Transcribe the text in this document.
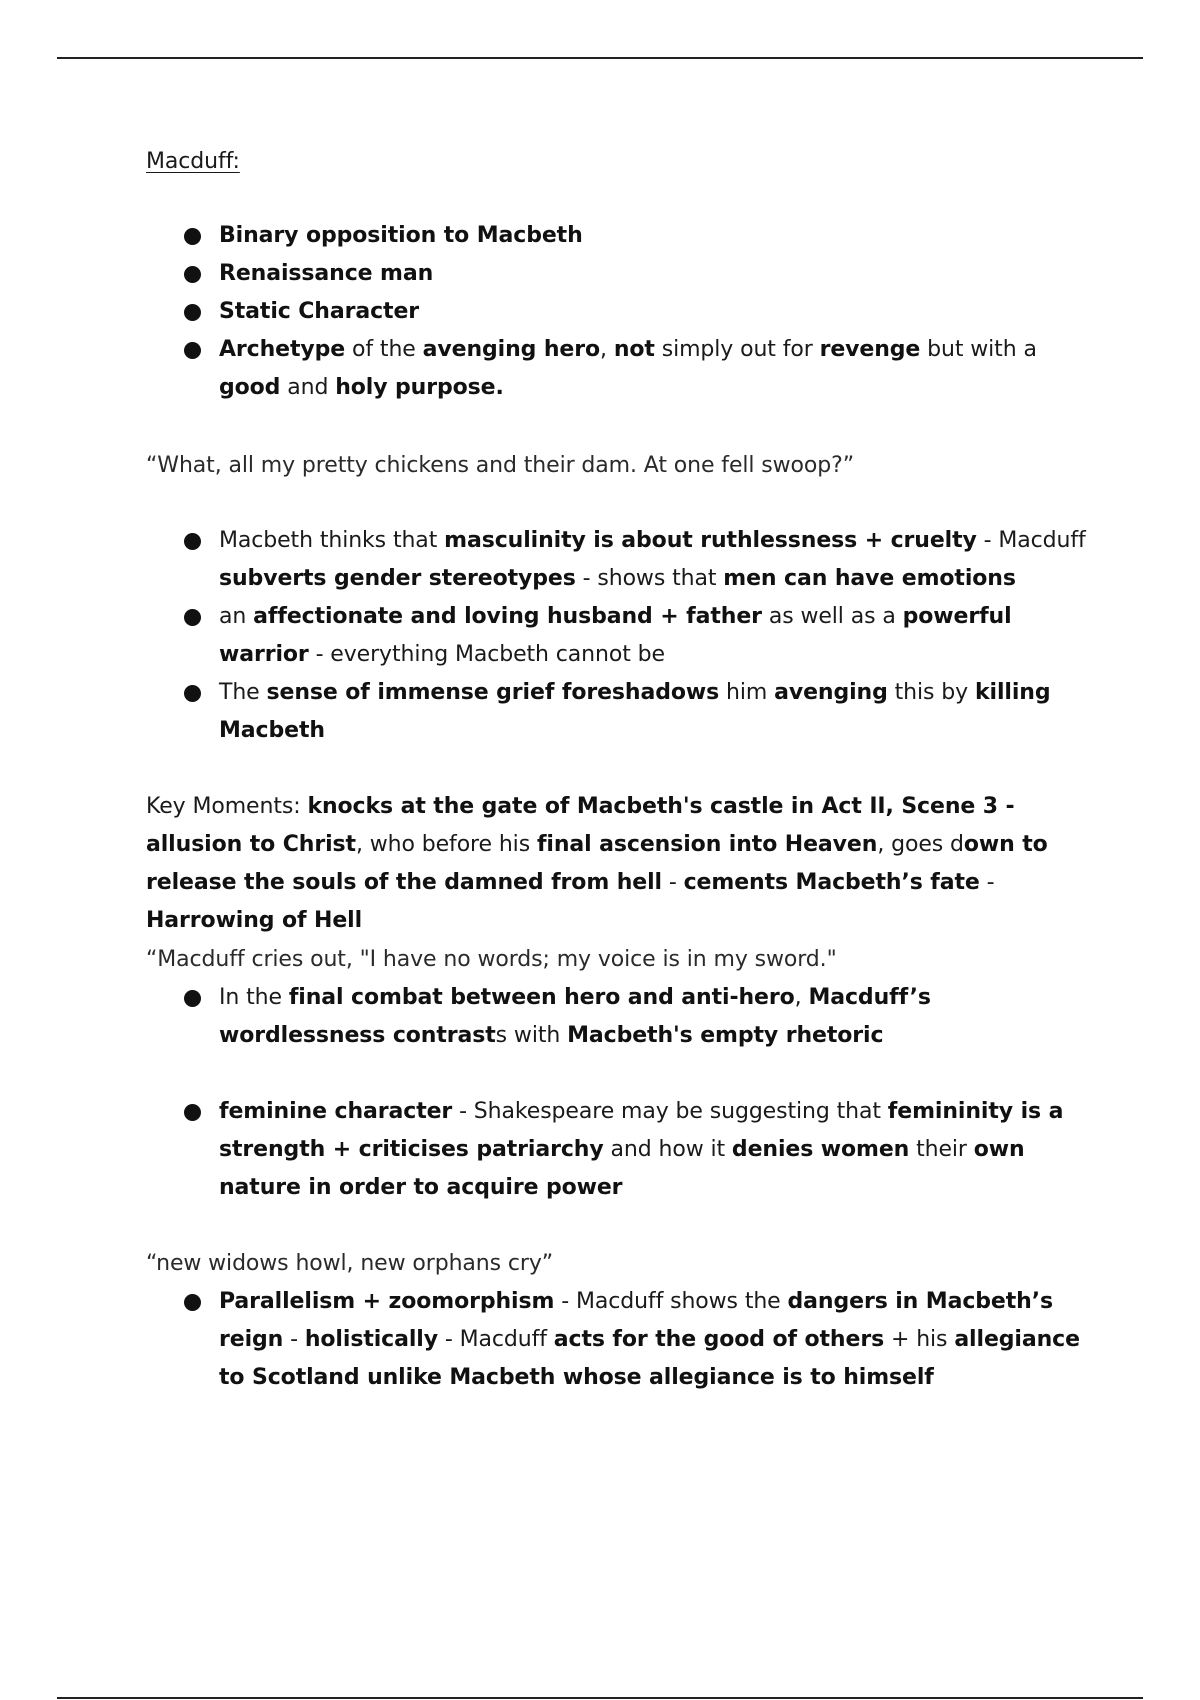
Macduff:
Binary opposition to Macbeth
Renaissance man
Static Character
Archetype of the avenging hero, not simply out for revenge but with a good and holy purpose.

“What, all my pretty chickens and their dam. At one fell swoop?”

Macbeth thinks that masculinity is about ruthlessness + cruelty - Macduff subverts gender stereotypes - shows that men can have emotions
an affectionate and loving husband + father as well as a powerful warrior - everything Macbeth cannot be
The sense of immense grief foreshadows him avenging this by killing Macbeth

Key Moments: knocks at the gate of Macbeth's castle in Act II, Scene 3 - allusion to Christ, who before his final ascension into Heaven, goes down to release the souls of the damned from hell - cements Macbeth’s fate - Harrowing of Hell

“Macduff cries out, "I have no words; my voice is in my sword."

In the final combat between hero and anti-hero, Macduff’s wordlessness contrasts with Macbeth's empty rhetoric
feminine character - Shakespeare may be suggesting that femininity is a strength + criticises patriarchy and how it denies women their own nature in order to acquire power

“new widows howl, new orphans cry”

Parallelism + zoomorphism - Macduff shows the dangers in Macbeth’s reign - holistically - Macduff acts for the good of others + his allegiance to Scotland unlike Macbeth whose allegiance is to himself
